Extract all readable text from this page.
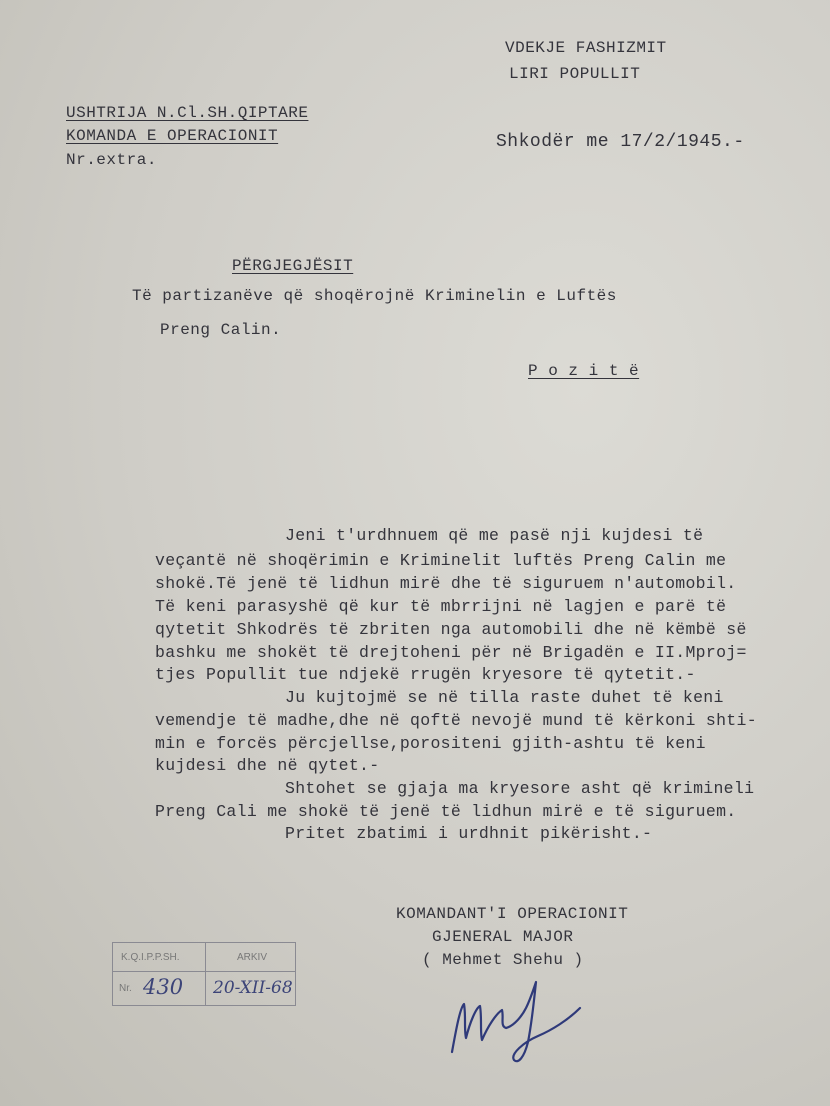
VDEKJE FASHIZMIT
LIRI POPULLIT
USHTRIJA N.Cl.SH.QIPTARE
KOMANDA E OPERACIONIT
Nr.extra.
Shkodër me 17/2/1945.-
PËRGJEGJËSIT
Të partizanëve që shoqërojnë Kriminelin e Luftës
Preng Calin.
P o z i t ë
Jeni t'urdhnuem që me pasë nji kujdesi të
veçantë në shoqërimin e Kriminelit luftës Preng Calin me
shokë.Të jenë të lidhun mirë dhe të siguruem n'automobil.
Të keni parasyshë që kur të mbrrijni në lagjen e parë të
qytetit Shkodrës të zbriten nga automobili dhe në këmbë së
bashku me shokët të drejtoheni për në Brigadën e II.Mproj=
tjes Popullit tue ndjekë rrugën kryesore të qytetit.-
Ju kujtojmë se në tilla raste duhet të keni
vemendje të madhe,dhe në qoftë nevojë mund të kërkoni shti-
min e forcës përcjellse,porositeni gjith-ashtu të keni
kujdesi dhe në qytet.-
Shtohet se gjaja ma kryesore asht që krimineli
Preng Cali me shokë të jenë të lidhun mirë e të siguruem.
Pritet zbatimi i urdhnit pikërisht.-
KOMANDANT'I OPERACIONIT
GJENERAL MAJOR
( Mehmet Shehu )
K.Q.I.P.P.SH.	ARKIV
Nr. 430 20-XII-68
